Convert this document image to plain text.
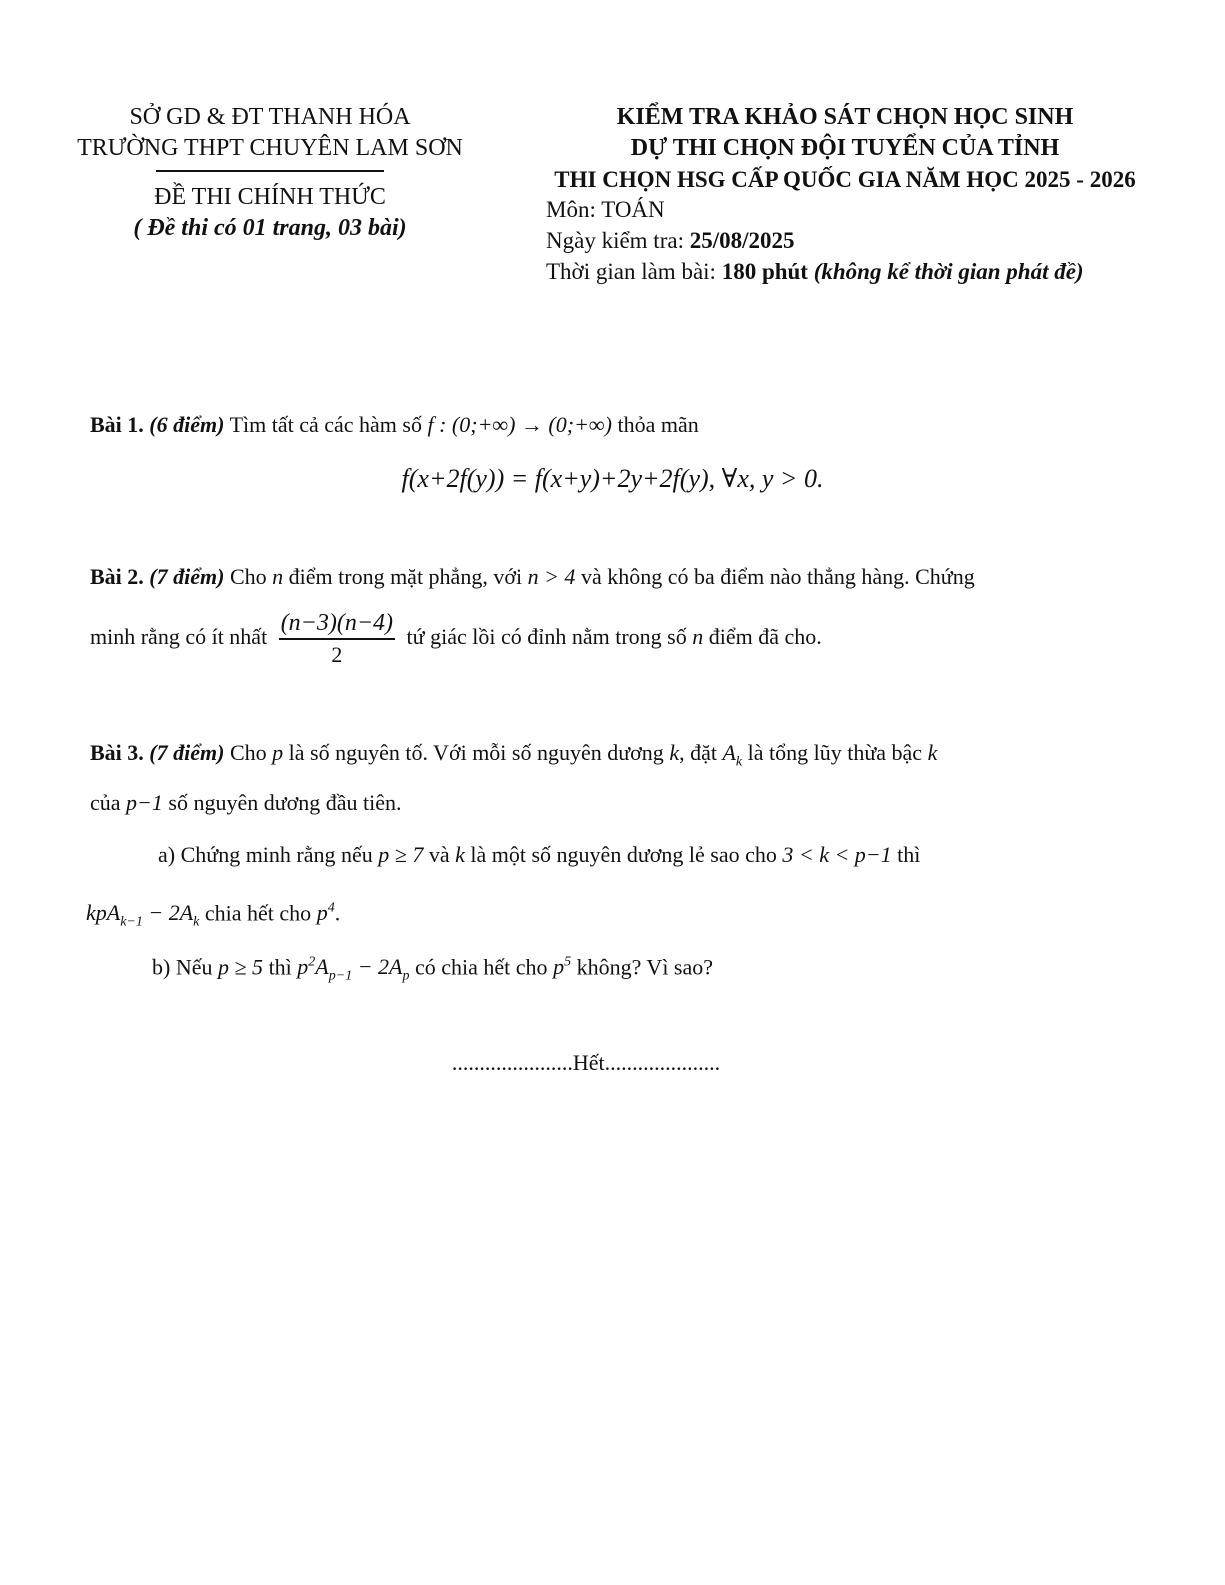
SỞ GD & ĐT THANH HÓA
TRƯỜNG THPT CHUYÊN LAM SƠN
ĐỀ THI CHÍNH THỨC
( Đề thi có 01 trang, 03 bài)
KIỂM TRA KHẢO SÁT CHỌN HỌC SINH
DỰ THI CHỌN ĐỘI TUYỂN CỦA TỈNH
THI CHỌN HSG CẤP QUỐC GIA NĂM HỌC 2025 - 2026
Môn: TOÁN
Ngày kiểm tra: 25/08/2025
Thời gian làm bài: 180 phút (không kể thời gian phát đề)
Bài 1. (6 điểm) Tìm tất cả các hàm số f : (0;+∞) → (0;+∞) thỏa mãn
f(x+2f(y)) = f(x+y)+2y+2f(y), ∀x, y > 0.
Bài 2. (7 điểm) Cho n điểm trong mặt phẳng, với n > 4 và không có ba điểm nào thẳng hàng. Chứng
minh rằng có ít nhất $\frac{(n-3)(n-4)}{2}$ tứ giác lồi có đỉnh nằm trong số n điểm đã cho.
Bài 3. (7 điểm) Cho p là số nguyên tố. Với mỗi số nguyên dương k, đặt $A_k$ là tổng lũy thừa bậc k
của p−1 số nguyên dương đầu tiên.
a) Chứng minh rằng nếu p ≥ 7 và k là một số nguyên dương lẻ sao cho 3 < k < p−1 thì
$kpA_{k-1} - 2A_k$ chia hết cho $p^4$.
b) Nếu p ≥ 5 thì $p^2A_{p-1} - 2A_p$ có chia hết cho $p^5$ không? Vì sao?
......................Hết.....................
